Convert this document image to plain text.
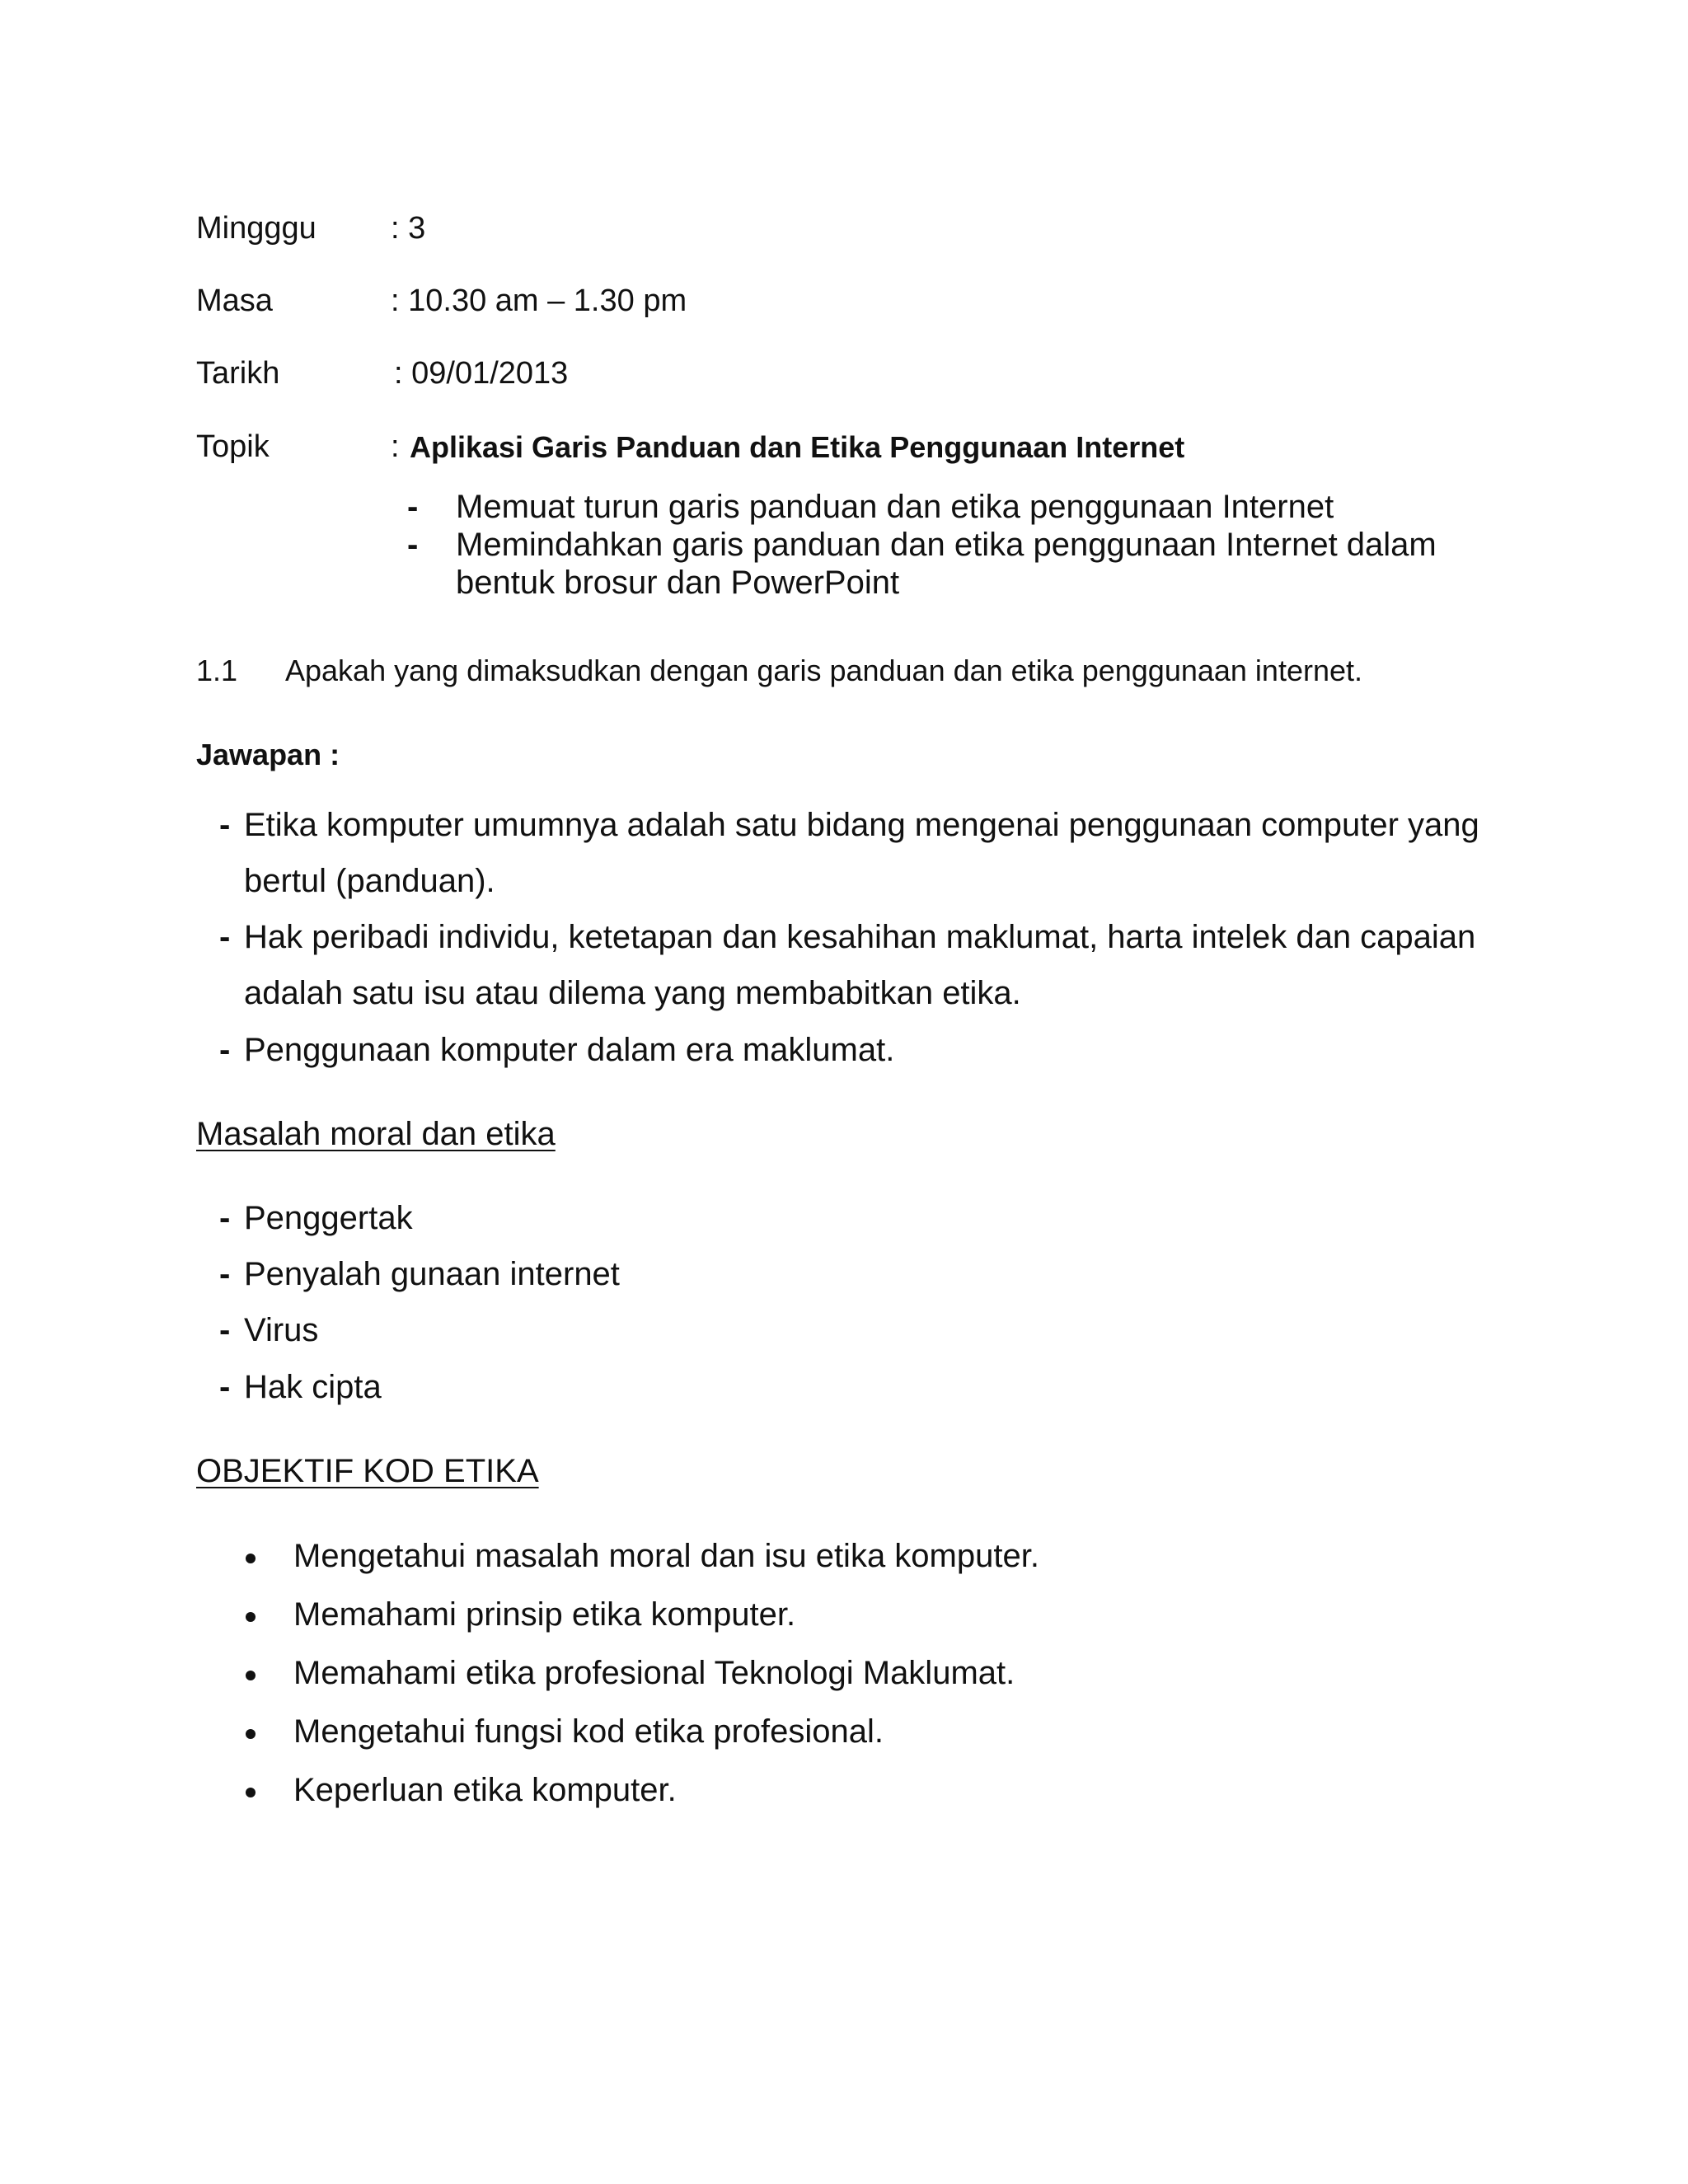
Mingggu : 3
Masa	: 10.30 am – 1.30 pm
Tarikh	: 09/01/2013
Topik	: Aplikasi Garis Panduan dan Etika Penggunaan Internet
- Memuat turun garis panduan dan etika penggunaan Internet
- Memindahkan garis panduan dan etika penggunaan Internet dalam
bentuk brosur dan PowerPoint
1.1 Apakah yang dimaksudkan dengan garis panduan dan etika penggunaan internet.
Jawapan :
- Etika komputer umumnya adalah satu bidang mengenai penggunaan computer yang
bertul (panduan).
- Hak peribadi individu, ketetapan dan kesahihan maklumat, harta intelek dan capaian
adalah satu isu atau dilema yang membabitkan etika.
- Penggunaan komputer dalam era maklumat.
Masalah moral dan etika
- Penggertak
- Penyalah gunaan internet
- Virus
- Hak cipta
OBJEKTIF KOD ETIKA
Mengetahui masalah moral dan isu etika komputer.
Memahami prinsip etika komputer.
Memahami etika profesional Teknologi Maklumat.
Mengetahui fungsi kod etika profesional.
Keperluan etika komputer.
